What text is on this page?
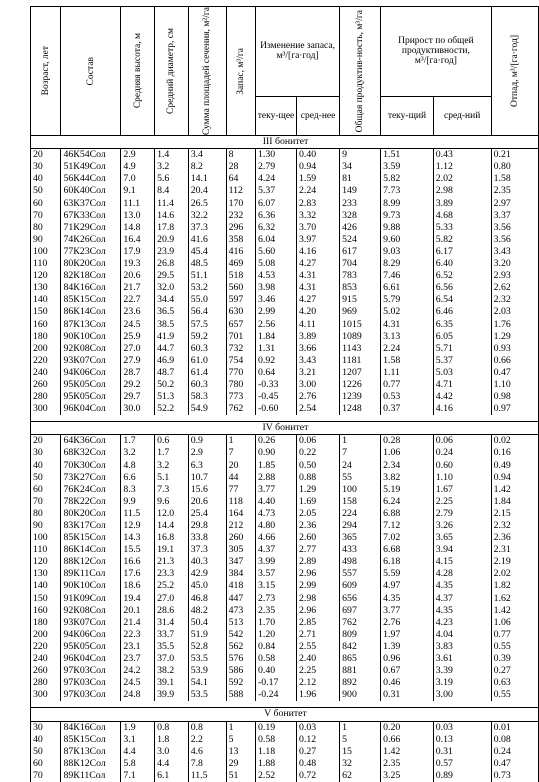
Возраст, лет	Состав	Средняя высота, м	Средний диаметр, см	Сумма площадей сечения, м²/га	Запас, м³/га	Изменение запаса, м³/[га·год]		Общая продуктив-ность, м³/га	Прирост по общей продуктивности, м³/[га·год]		Отпад, м³/[га·год]

						теку-щее	сред-нее		теку-щий	сред-ний	
III бонитет											
20	46К54Сол	2.9	1.4	3.4	8	1.30	0.40	9	1.51	0.43	0.21
30	51К49Сол	4.9	3.2	8.2	28	2.79	0.94	34	3.59	1.12	0.80
40	56К44Сол	7.0	5.6	14.1	64	4.24	1.59	81	5.82	2.02	1.58
50	60К40Сол	9.1	8.4	20.4	112	5.37	2.24	149	7.73	2.98	2.35
60	63К37Сол	11.1	11.4	26.5	170	6.07	2.83	233	8.99	3.89	2.97
70	67К33Сол	13.0	14.6	32.2	232	6.36	3.32	328	9.73	4.68	3.37
80	71К29Сол	14.8	17.8	37.3	296	6.32	3.70	426	9.88	5.33	3.56
90	74К26Сол	16.4	20.9	41.6	358	6.04	3.97	524	9.60	5.82	3.56
100	77К23Сол	17.9	23.9	45.4	416	5.60	4.16	617	9.03	6.17	3.43
110	80К20Сол	19.3	26.8	48.5	469	5.08	4.27	704	8.29	6.40	3.20
120	82К18Сол	20.6	29.5	51.1	518	4.53	4.31	783	7.46	6.52	2.93
130	84К16Сол	21.7	32.0	53.2	560	3.98	4.31	853	6.61	6.56	2.62
140	85К15Сол	22.7	34.4	55.0	597	3.46	4.27	915	5.79	6.54	2.32
150	86К14Сол	23.6	36.5	56.4	630	2.99	4.20	969	5.02	6.46	2.03
160	87К13Сол	24.5	38.5	57.5	657	2.56	4.11	1015	4.31	6.35	1.76
180	90К10Сол	25.9	41.9	59.2	701	1.84	3.89	1089	3.13	6.05	1.29
200	92К08Сол	27.0	44.7	60.3	732	1.31	3.66	1143	2.24	5.71	0.93
220	93К07Сол	27.9	46.9	61.0	754	0.92	3.43	1181	1.58	5.37	0.66
240	94К06Сол	28.7	48.7	61.4	770	0.64	3.21	1207	1.11	5.03	0.47
260	95К05Сол	29.2	50.2	60.3	780	-0.33	3.00	1226	0.77	4.71	1.10
280	95К05Сол	29.7	51.3	58.3	773	-0.45	2.76	1239	0.53	4.42	0.98
300	96К04Сол	30.0	52.2	54.9	762	-0.60	2.54	1248	0.37	4.16	0.97

IV бонитет											
20	64К36Сол	1.7	0.6	0.9	1	0.26	0.06	1	0.28	0.06	0.02
30	68К32Сол	3.2	1.7	2.9	7	0.90	0.22	7	1.06	0.24	0.16
40	70К30Сол	4.8	3.2	6.3	20	1.85	0.50	24	2.34	0.60	0.49
50	73К27Сол	6.6	5.1	10.7	44	2.88	0.88	55	3.82	1.10	0.94
60	76К24Сол	8.3	7.3	15.6	77	3.77	1.29	100	5.19	1.67	1.42
70	78К22Сол	9.9	9.6	20.6	118	4.40	1.69	158	6.24	2.25	1.84
80	80К20Сол	11.5	12.0	25.4	164	4.73	2.05	224	6.88	2.79	2.15
90	83К17Сол	12.9	14.4	29.8	212	4.80	2.36	294	7.12	3.26	2.32
100	85К15Сол	14.3	16.8	33.8	260	4.66	2.60	365	7.02	3.65	2.36
110	86К14Сол	15.5	19.1	37.3	305	4.37	2.77	433	6.68	3.94	2.31
120	88К12Сол	16.6	21.3	40.3	347	3.99	2.89	498	6.18	4.15	2.19
130	89К11Сол	17.6	23.3	42.9	384	3.57	2.96	557	5.59	4.28	2.02
140	90К10Сол	18.6	25.2	45.0	418	3.15	2.99	609	4.97	4.35	1.82
150	91К09Сол	19.4	27.0	46.8	447	2.73	2.98	656	4.35	4.37	1.62
160	92К08Сол	20.1	28.6	48.2	473	2.35	2.96	697	3.77	4.35	1.42
180	93К07Сол	21.4	31.4	50.4	513	1.70	2.85	762	2.76	4.23	1.06
200	94К06Сол	22.3	33.7	51.9	542	1.20	2.71	809	1.97	4.04	0.77
220	95К05Сол	23.1	35.5	52.8	562	0.84	2.55	842	1.39	3.83	0.55
240	96К04Сол	23.7	37.0	53.5	576	0.58	2.40	865	0.96	3.61	0.39
260	97К03Сол	24.2	38.2	53.9	586	0.40	2.25	881	0.67	3.39	0.27
280	97К03Сол	24.5	39.1	54.1	592	-0.17	2.12	892	0.46	3.19	0.63
300	97К03Сол	24.8	39.9	53.5	588	-0.24	1.96	900	0.31	3.00	0.55

V бонитет											
30	84К16Сол	1.9	0.8	0.8	1	0.19	0.03	1	0.20	0.03	0.01
40	85К15Сол	3.1	1.8	2.2	5	0.58	0.12	5	0.66	0.13	0.08
50	87К13Сол	4.4	3.0	4.6	13	1.18	0.27	15	1.42	0.31	0.24
60	88К12Сол	5.8	4.4	7.8	29	1.88	0.48	32	2.35	0.57	0.47
70	89К11Сол	7.1	6.1	11.5	51	2.52	0.72	62	3.25	0.89	0.73
